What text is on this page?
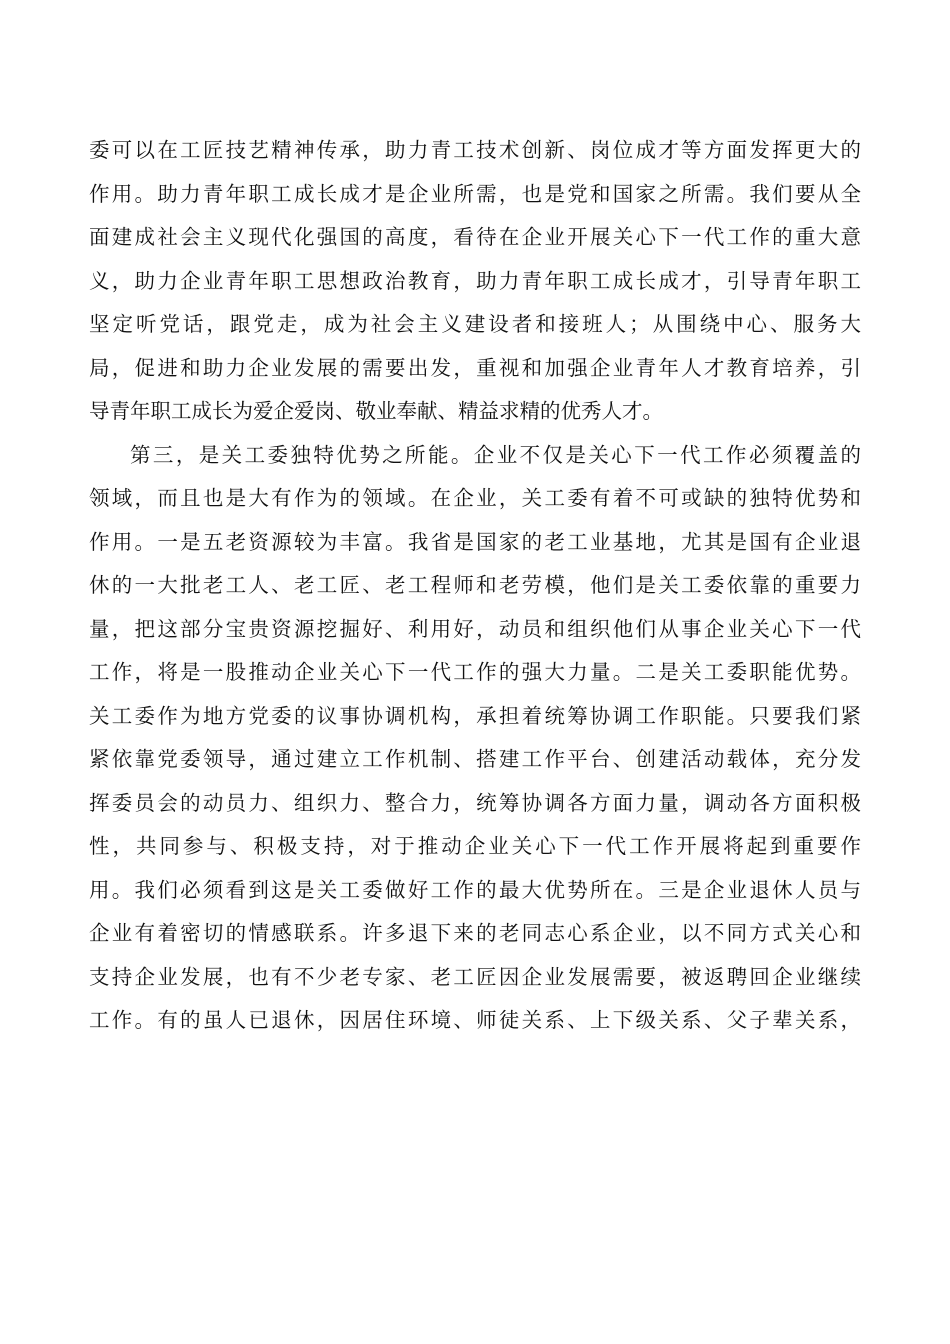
委可以在工匠技艺精神传承，助力青工技术创新、岗位成才等方面发挥更大的
作用。助力青年职工成长成才是企业所需，也是党和国家之所需。我们要从全
面建成社会主义现代化强国的高度，看待在企业开展关心下一代工作的重大意
义，助力企业青年职工思想政治教育，助力青年职工成长成才，引导青年职工
坚定听党话，跟党走，成为社会主义建设者和接班人；从围绕中心、服务大
局，促进和助力企业发展的需要出发，重视和加强企业青年人才教育培养，引
导青年职工成长为爱企爱岗、敬业奉献、精益求精的优秀人才。
第三，是关工委独特优势之所能。企业不仅是关心下一代工作必须覆盖的
领域，而且也是大有作为的领域。在企业，关工委有着不可或缺的独特优势和
作用。一是五老资源较为丰富。我省是国家的老工业基地，尤其是国有企业退
休的一大批老工人、老工匠、老工程师和老劳模，他们是关工委依靠的重要力
量，把这部分宝贵资源挖掘好、利用好，动员和组织他们从事企业关心下一代
工作，将是一股推动企业关心下一代工作的强大力量。二是关工委职能优势。
关工委作为地方党委的议事协调机构，承担着统筹协调工作职能。只要我们紧
紧依靠党委领导，通过建立工作机制、搭建工作平台、创建活动载体，充分发
挥委员会的动员力、组织力、整合力，统筹协调各方面力量，调动各方面积极
性，共同参与、积极支持，对于推动企业关心下一代工作开展将起到重要作
用。我们必须看到这是关工委做好工作的最大优势所在。三是企业退休人员与
企业有着密切的情感联系。许多退下来的老同志心系企业，以不同方式关心和
支持企业发展，也有不少老专家、老工匠因企业发展需要，被返聘回企业继续
工作。有的虽人已退休，因居住环境、师徒关系、上下级关系、父子辈关系，
